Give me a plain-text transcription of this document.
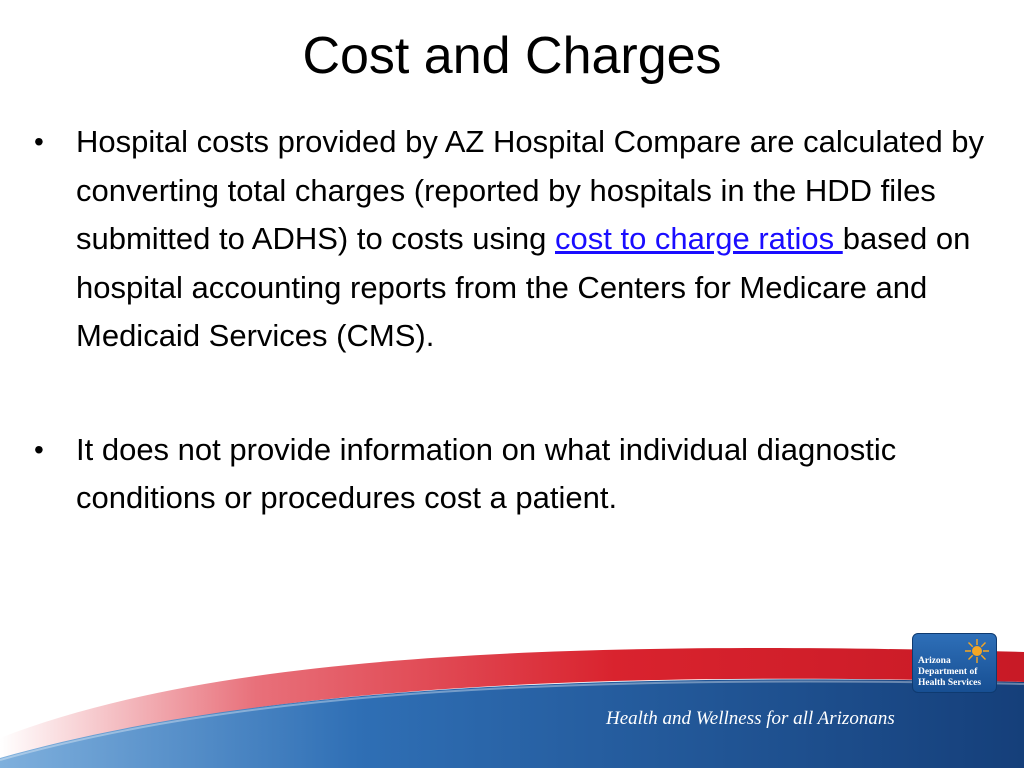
Cost and Charges
• Hospital costs provided by AZ Hospital Compare are calculated by converting total charges (reported by hospitals in the HDD files submitted to ADHS) to costs using cost to charge ratios based on hospital accounting reports from the Centers for Medicare and Medicaid Services (CMS).
• It does not provide information on what individual diagnostic conditions or procedures cost a patient.
Health and Wellness for all Arizonans
Arizona
Department of
Health Services
